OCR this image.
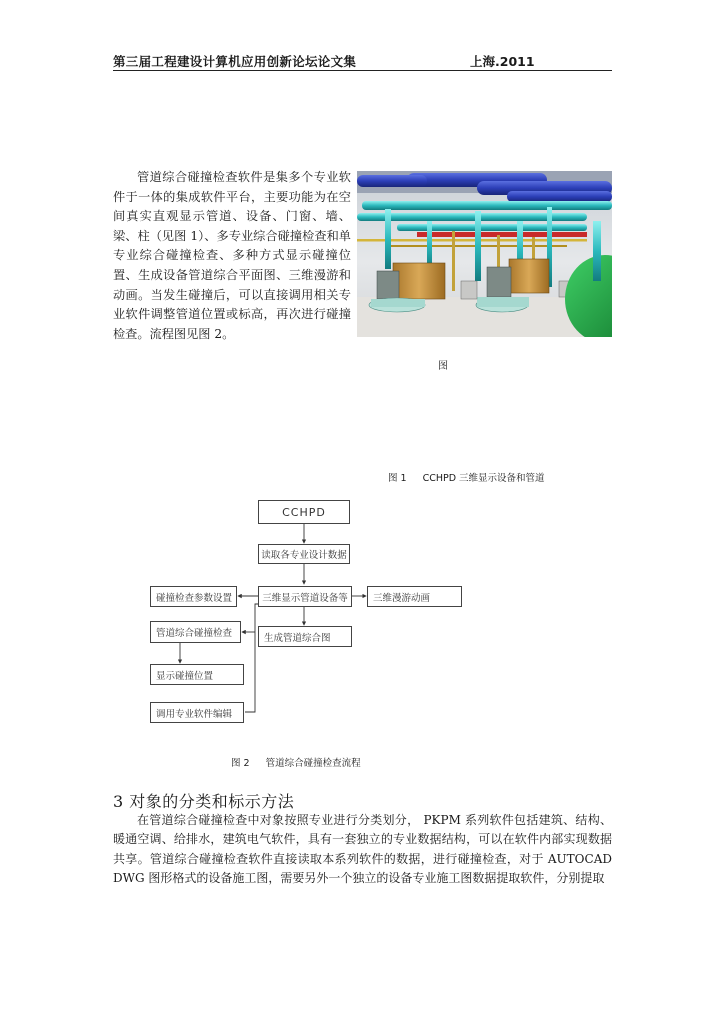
第三届工程建设计算机应用创新论坛论文集	上海.2011

管道综合碰撞检查软件是集多个专业软件于一体的集成软件平台，主要功能为在空间真实直观显示管道、设备、门窗、墙、梁、柱（见图 1）、多专业综合碰撞检查和单专业综合碰撞检查、多种方式显示碰撞位置、生成设备管道综合平面图、三维漫游和动画。当发生碰撞后，可以直接调用相关专业软件调整管道位置或标高，再次进行碰撞检查。流程图见图 2。

图
图 1 CCHPD 三维显示设备和管道
CCHPD
读取各专业设计数据
三维显示管道设备等	三维漫游动画
碰撞检查参数设置
管道综合碰撞检查	生成管道综合图
显示碰撞位置
调用专业软件编辑
图 2 管道综合碰撞检查流程
3 对象的分类和标示方法

在管道综合碰撞检查中对象按照专业进行分类划分， PKPM 系列软件包括建筑、结构、暖通空调、给排水，建筑电气软件，具有一套独立的专业数据结构，可以在软件内部实现数据共享。管道综合碰撞检查软件直接读取本系列软件的数据，进行碰撞检查，对于 AUTOCAD DWG 图形格式的设备施工图，需要另外一个独立的设备专业施工图数据提取软件，分别提取
